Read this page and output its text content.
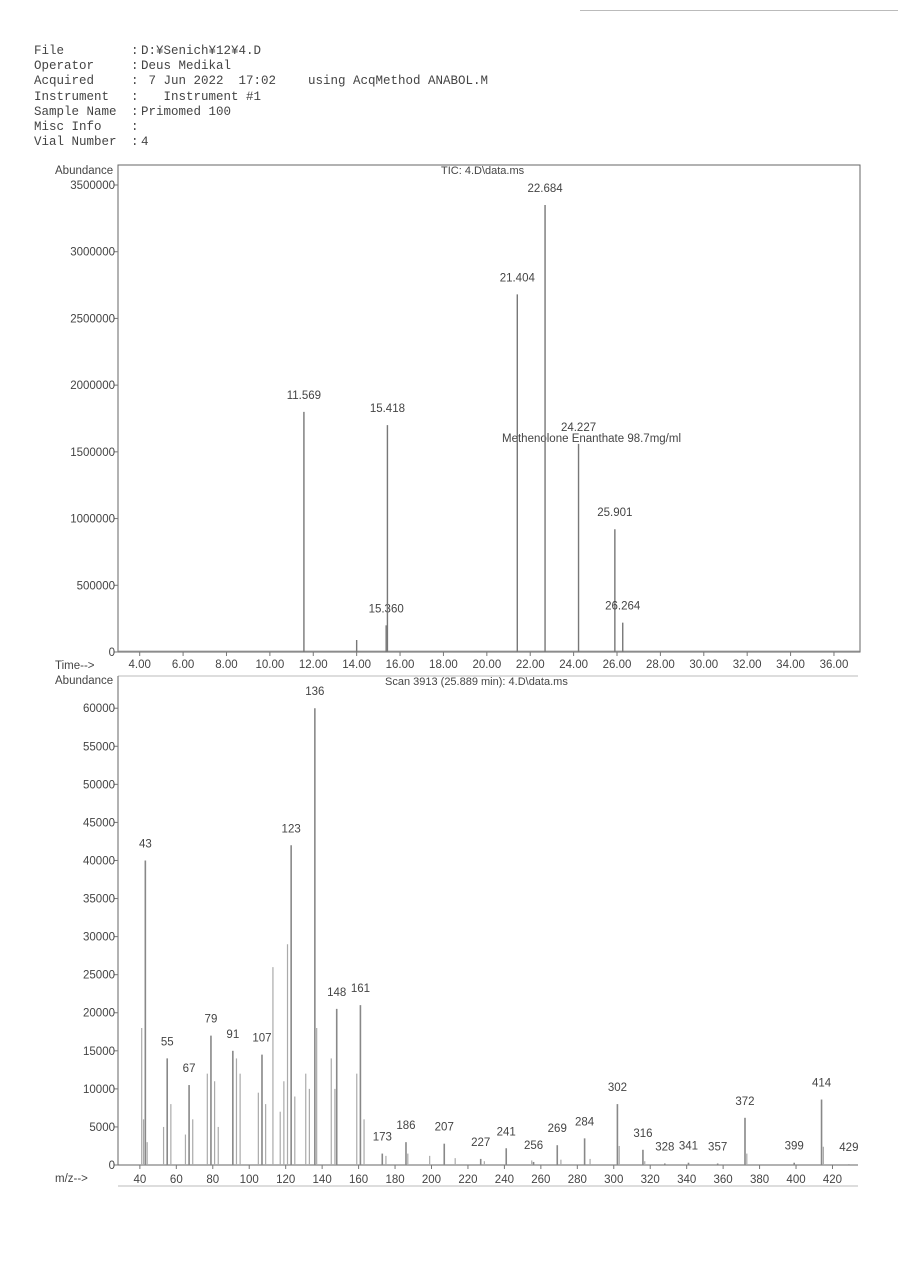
File	: D:¥Senich¥12¥4.D
Operator	: Deus Medikal
Acquired	: 7 Jun 2022  17:02
Instrument	: Instrument #1
Sample Name	: Primomed 100
Misc Info	:
Vial Number	: 4
using AcqMethod ANABOL.M
Abundance	TIC: 4.D\data.ms
Time-->
Methenolone Enanthate 98.7mg/ml
Abundance	Scan 3913 (25.889 min): 4.D\data.ms
m/z-->
0
500000
1000000
1500000
2000000
2500000
3000000
3500000
4.00 6.00 8.00 10.00 12.00 14.00 16.00 18.00 20.00 22.00 24.00 26.00 28.00 30.00 32.00 34.00 36.00
11.569
15.360
15.418
21.404
22.684
24.227
25.901
26.264
0
5000
10000
15000
20000
25000
30000
35000
40000
45000
50000
55000
60000
40 60 80 100 120 140 160 180 200 220 240 260 280 300 320 340 360 380 400 420
43
55
67
79
91 107
123
136
148 161
173
186 207
227
241
256
269
284
302
316
328 341 357
372
399
414
429
